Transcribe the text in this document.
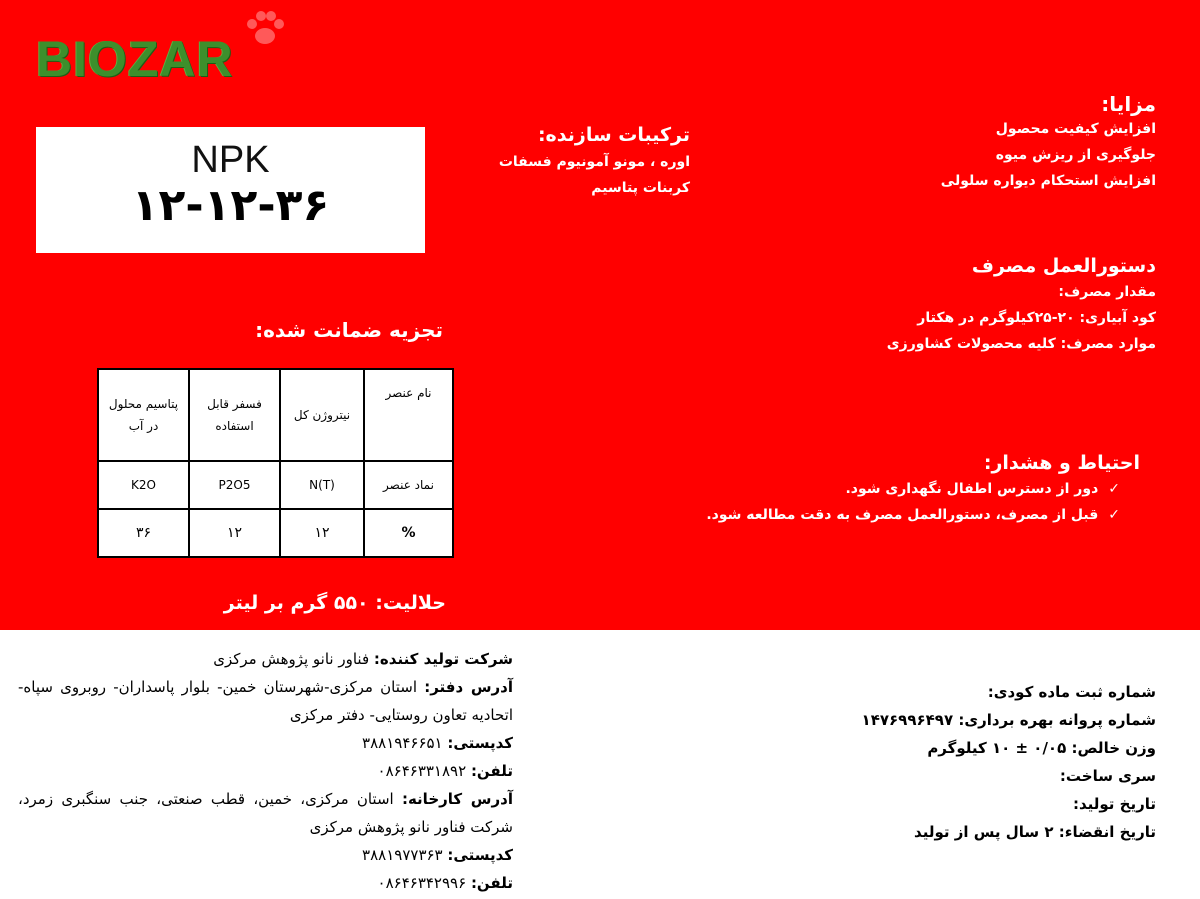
BIOZAR
NPK
۱۲-۱۲-۳۶
ترکیبات سازنده:
اوره ، مونو آمونیوم فسفات
کربنات پتاسیم
مزایا:
افزایش کیفیت محصول
جلوگیری از ریزش میوه
افزایش استحکام دیواره سلولی
دستورالعمل مصرف
مقدار مصرف:
کود آبیاری: ۲۰-۲۵کیلوگرم در هکتار
موارد مصرف: کلیه محصولات کشاورزی
احتیاط و هشدار:
✓دور از دسترس اطفال نگهداری شود.
✓قبل از مصرف، دستورالعمل مصرف به دقت مطالعه شود.
تجزیه ضمانت شده:
پتاسیم محلول در آب	فسفر قابل استفاده	نیتروژن کل	نام عنصر
K2O	P2O5	N(T)	نماد عنصر
۳۶	۱۲	۱۲	%
حلالیت: ۵۵۰ گرم بر لیتر
شماره ثبت ماده کودی:
شماره پروانه بهره برداری: ۱۴۷۶۹۹۶۴۹۷
وزن خالص: ۰/۰۵ ± ۱۰ کیلوگرم
سری ساخت:
تاریخ تولید:
تاریخ انقضاء: ۲ سال پس از تولید
شرکت تولید کننده: فناور نانو پژوهش مرکزی
آدرس دفتر: استان مرکزی-شهرستان خمین- بلوار پاسداران- روبروی سپاه- اتحادیه تعاون روستایی- دفتر مرکزی
کدپستی: ۳۸۸۱۹۴۶۶۵۱
تلفن: ۰۸۶۴۶۳۳۱۸۹۲
آدرس کارخانه: استان مرکزی، خمین، قطب صنعتی، جنب سنگبری زمرد، شرکت فناور نانو پژوهش مرکزی
کدپستی: ۳۸۸۱۹۷۷۳۶۳
تلفن: ۰۸۶۴۶۳۴۲۹۹۶
